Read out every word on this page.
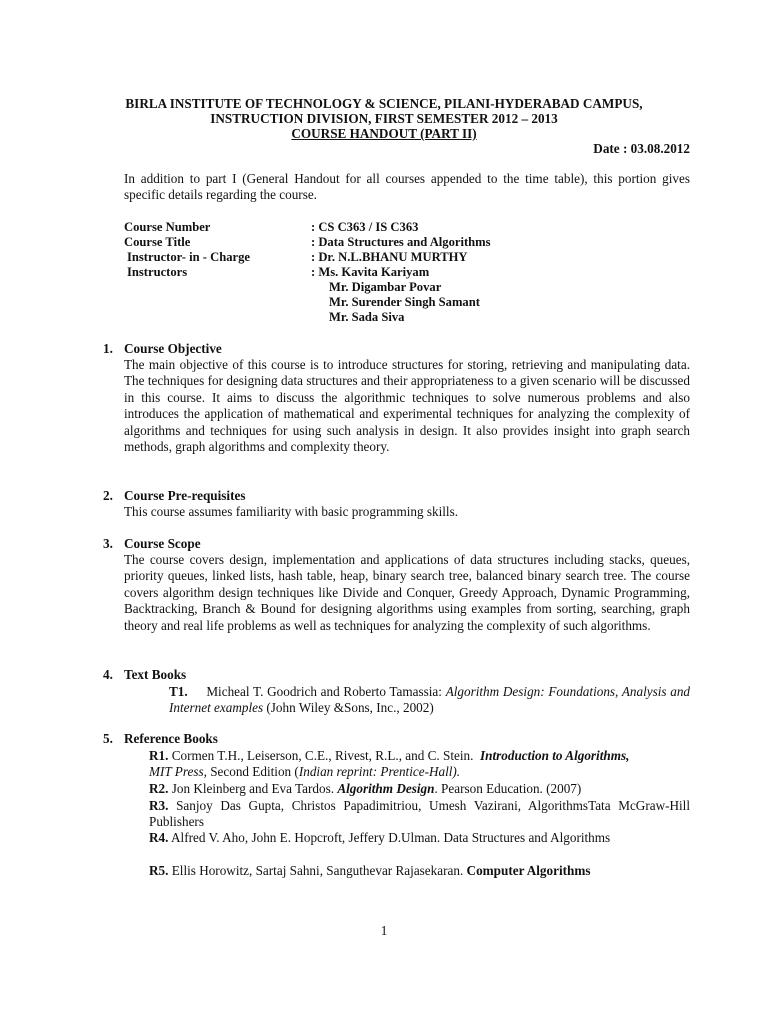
BIRLA INSTITUTE OF TECHNOLOGY & SCIENCE, PILANI-HYDERABAD CAMPUS,
INSTRUCTION DIVISION, FIRST SEMESTER 2012 – 2013
COURSE HANDOUT (PART II)
Date : 03.08.2012
In addition to part I (General Handout for all courses appended to the time table), this portion gives specific details regarding the course.
Course Number	: CS C363 / IS C363
Course Title	: Data Structures and Algorithms
Instructor- in - Charge	: Dr. N.L.BHANU MURTHY
Instructors	: Ms. Kavita Kariyam
Mr. Digambar Povar
Mr. Surender Singh Samant
Mr. Sada Siva
1. Course Objective
The main objective of this course is to introduce structures for storing, retrieving and manipulating data. The techniques for designing data structures and their appropriateness to a given scenario will be discussed in this course. It aims to discuss the algorithmic techniques to solve numerous problems and also introduces the application of mathematical and experimental techniques for analyzing the complexity of algorithms and techniques for using such analysis in design. It also provides insight into graph search methods, graph algorithms and complexity theory.
2. Course Pre-requisites
This course assumes familiarity with basic programming skills.
3. Course Scope
The course covers design, implementation and applications of data structures including stacks, queues, priority queues, linked lists, hash table, heap, binary search tree, balanced binary search tree. The course covers algorithm design techniques like Divide and Conquer, Greedy Approach, Dynamic Programming, Backtracking, Branch & Bound for designing algorithms using examples from sorting, searching, graph theory and real life problems as well as techniques for analyzing the complexity of such algorithms.
4. Text Books
T1. Micheal T. Goodrich and Roberto Tamassia: Algorithm Design: Foundations, Analysis and Internet examples (John Wiley &Sons, Inc., 2002)
5. Reference Books
R1. Cormen T.H., Leiserson, C.E., Rivest, R.L., and C. Stein. Introduction to Algorithms, MIT Press, Second Edition (Indian reprint: Prentice-Hall).
R2. Jon Kleinberg and Eva Tardos. Algorithm Design. Pearson Education. (2007)
R3. Sanjoy Das Gupta, Christos Papadimitriou, Umesh Vazirani, AlgorithmsTata McGraw-Hill Publishers
R4. Alfred V. Aho, John E. Hopcroft, Jeffery D.Ulman. Data Structures and Algorithms
R5. Ellis Horowitz, Sartaj Sahni, Sanguthevar Rajasekaran. Computer Algorithms
1
